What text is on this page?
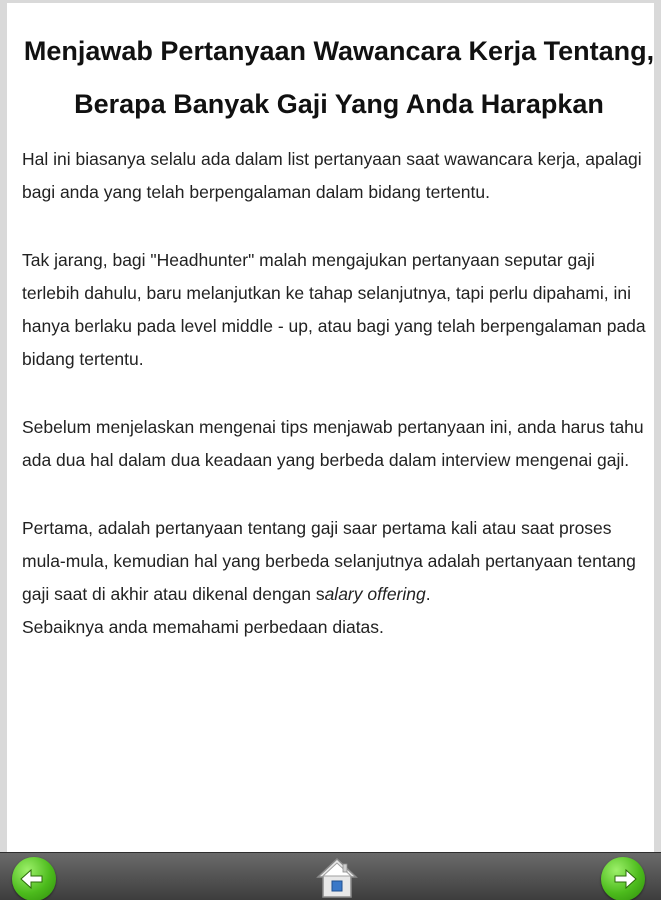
Menjawab Pertanyaan Wawancara Kerja Tentang, Berapa Banyak Gaji Yang Anda Harapkan

Hal ini biasanya selalu ada dalam list pertanyaan saat wawancara kerja, apalagi bagi anda yang telah berpengalaman dalam bidang tertentu.

Tak jarang, bagi "Headhunter" malah mengajukan pertanyaan seputar gaji terlebih dahulu, baru melanjutkan ke tahap selanjutnya, tapi perlu dipahami, ini hanya berlaku pada level middle - up, atau bagi yang telah berpengalaman pada bidang tertentu.

Sebelum menjelaskan mengenai tips menjawab pertanyaan ini, anda harus tahu ada dua hal dalam dua keadaan yang berbeda dalam interview mengenai gaji.

Pertama, adalah pertanyaan tentang gaji saar pertama kali atau saat proses mula-mula, kemudian hal yang berbeda selanjutnya adalah pertanyaan tentang gaji saat di akhir atau dikenal dengan salary offering.

Sebaiknya anda memahami perbedaan diatas.
